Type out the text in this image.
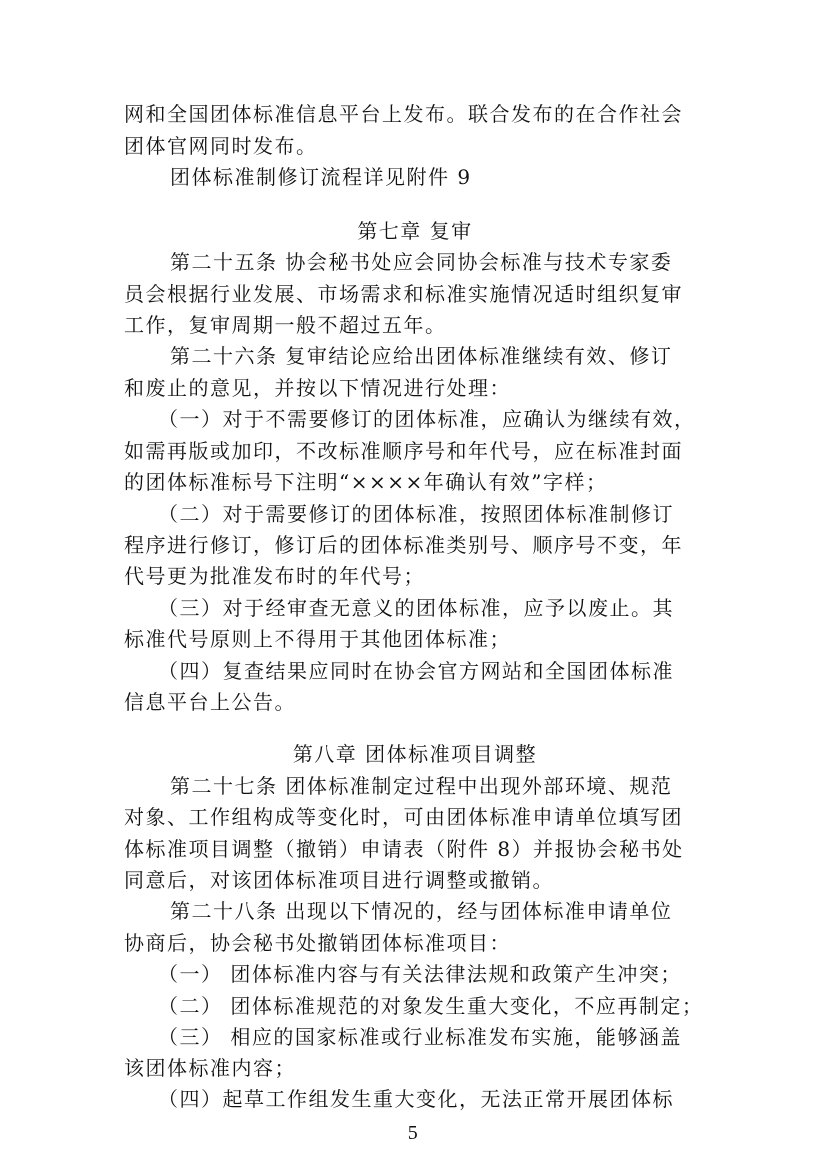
网和全国团体标准信息平台上发布。联合发布的在合作社会
团体官网同时发布。
团体标准制修订流程详见附件 9
第七章 复审
第二十五条 协会秘书处应会同协会标准与技术专家委
员会根据行业发展、市场需求和标准实施情况适时组织复审
工作，复审周期一般不超过五年。
第二十六条 复审结论应给出团体标准继续有效、修订
和废止的意见，并按以下情况进行处理：
（一）对于不需要修订的团体标准，应确认为继续有效，
如需再版或加印，不改标准顺序号和年代号，应在标准封面
的团体标准标号下注明“××××年确认有效”字样；
（二）对于需要修订的团体标准，按照团体标准制修订
程序进行修订，修订后的团体标准类别号、顺序号不变，年
代号更为批准发布时的年代号；
（三）对于经审查无意义的团体标准，应予以废止。其
标准代号原则上不得用于其他团体标准；
（四）复查结果应同时在协会官方网站和全国团体标准
信息平台上公告。
第八章 团体标准项目调整
第二十七条 团体标准制定过程中出现外部环境、规范
对象、工作组构成等变化时，可由团体标准申请单位填写团
体标准项目调整（撤销）申请表（附件 8）并报协会秘书处
同意后，对该团体标准项目进行调整或撤销。
第二十八条 出现以下情况的，经与团体标准申请单位
协商后，协会秘书处撤销团体标准项目：
（一） 团体标准内容与有关法律法规和政策产生冲突；
（二） 团体标准规范的对象发生重大变化，不应再制定；
（三） 相应的国家标准或行业标准发布实施，能够涵盖
5
该团体标准内容；
（四）起草工作组发生重大变化，无法正常开展团体标
